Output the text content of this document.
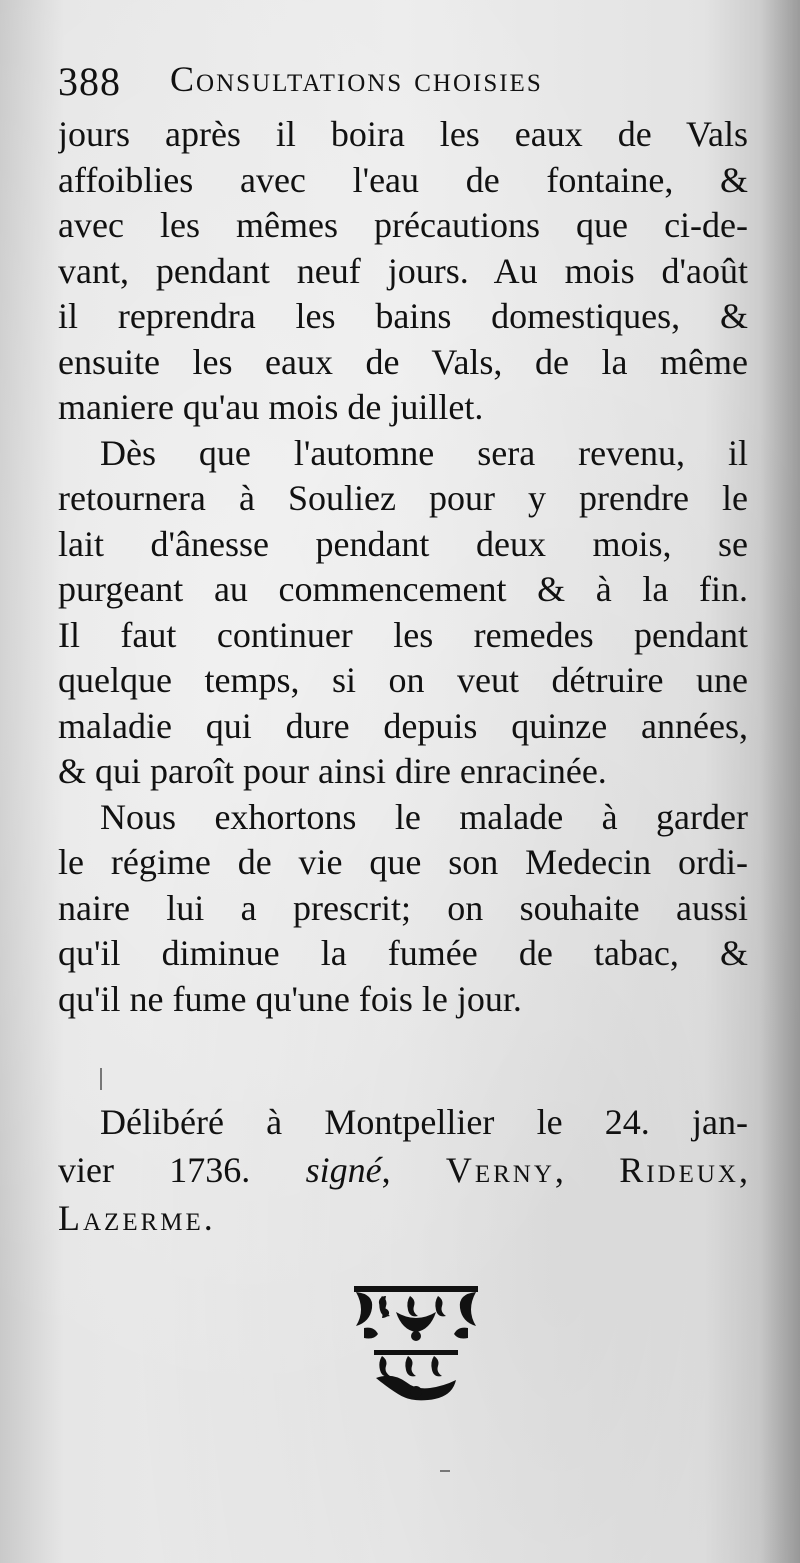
388 Consultations choisies
jours après il boira les eaux de Vals
affoiblies avec l'eau de fontaine, &
avec les mêmes précautions que ci-de-
vant, pendant neuf jours. Au mois d'août
il reprendra les bains domestiques, &
ensuite les eaux de Vals, de la même
maniere qu'au mois de juillet.
Dès que l'automne sera revenu, il
retournera à Souliez pour y prendre le
lait d'ânesse pendant deux mois, se
purgeant au commencement & à la fin.
Il faut continuer les remedes pendant
quelque temps, si on veut détruire une
maladie qui dure depuis quinze années,
& qui paroît pour ainsi dire enracinée.
Nous exhortons le malade à garder
le régime de vie que son Medecin ordi-
naire lui a prescrit; on souhaite aussi
qu'il diminue la fumée de tabac, &
qu'il ne fume qu'une fois le jour.
Délibéré à Montpellier le 24. jan-
vier 1736. signé, Verny, Rideux,
Lazerme.
